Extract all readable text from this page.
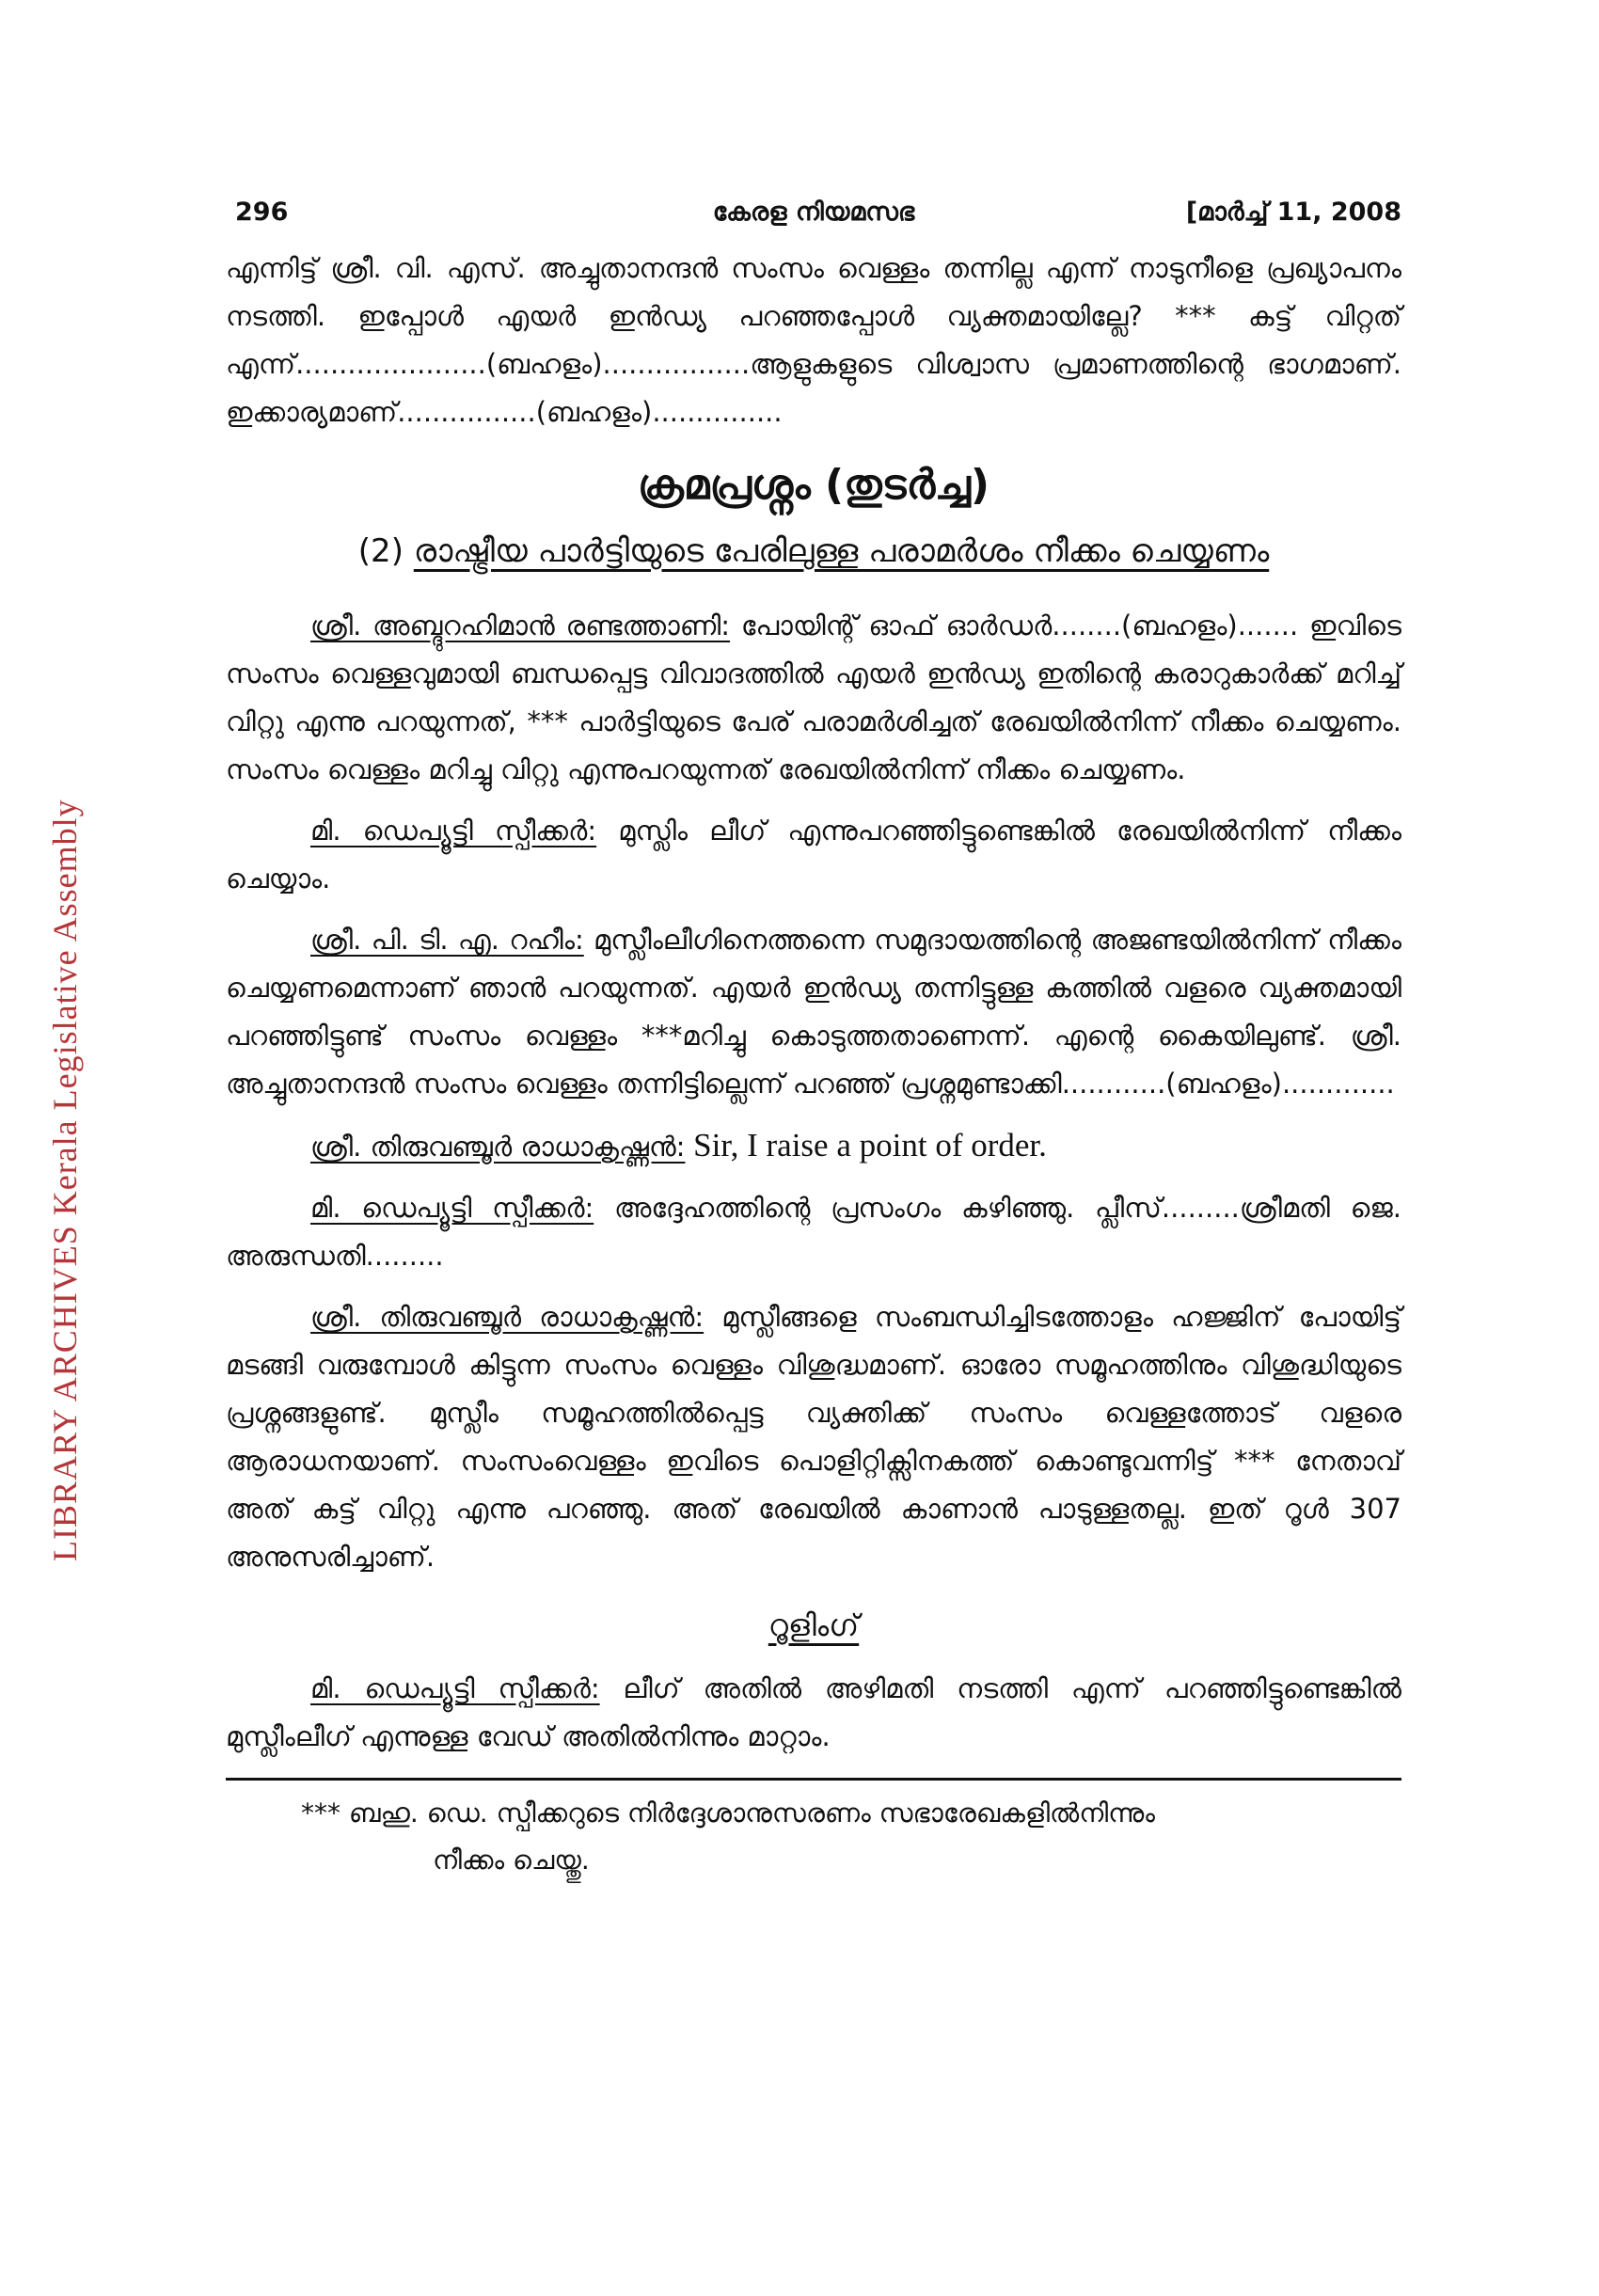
LIBRARY ARCHIVES Kerala Legislative Assembly
296	കേരള നിയമസഭ	[മാർച്ച് 11, 2008

എന്നിട്ട് ശ്രീ. വി. എസ്. അച്ചുതാനന്ദൻ സംസം വെള്ളം തന്നില്ല എന്ന് നാടുനീളെ പ്രഖ്യാപനം നടത്തി. ഇപ്പോൾ എയർ ഇൻഡ്യ പറഞ്ഞപ്പോൾ വ്യക്തമായില്ലേ? *** കട്ട് വിറ്റത് എന്ന്......................(ബഹളം).................ആളുകളുടെ വിശ്വാസ പ്രമാണത്തിന്റെ ഭാഗമാണ്. ഇക്കാര്യമാണ്................(ബഹളം)...............

ക്രമപ്രശ്നം (തുടർച്ച)
(2) രാഷ്ട്രീയ പാർട്ടിയുടെ പേരിലുള്ള പരാമർശം നീക്കം ചെയ്യണം

ശ്രീ. അബ്ദുറഹിമാൻ രണ്ടത്താണി: പോയിന്റ് ഓഫ് ഓർഡർ........(ബഹളം)....... ഇവിടെ സംസം വെള്ളവുമായി ബന്ധപ്പെട്ട വിവാദത്തിൽ എയർ ഇൻഡ്യ ഇതിന്റെ കരാറുകാർക്ക് മറിച്ച് വിറ്റു എന്നു പറയുന്നത്, *** പാർട്ടിയുടെ പേര് പരാമർശിച്ചത് രേഖയിൽനിന്ന് നീക്കം ചെയ്യണം. സംസം വെള്ളം മറിച്ചു വിറ്റു എന്നുപറയുന്നത് രേഖയിൽനിന്ന് നീക്കം ചെയ്യണം.

മി. ഡെപ്യൂട്ടി സ്പീക്കർ: മുസ്ലിം ലീഗ് എന്നുപറഞ്ഞിട്ടുണ്ടെങ്കിൽ രേഖയിൽനിന്ന് നീക്കം ചെയ്യാം.

ശ്രീ. പി. ടി. എ. റഹീം: മുസ്ലീംലീഗിനെത്തന്നെ സമുദായത്തിന്റെ അജണ്ടയിൽനിന്ന് നീക്കം ചെയ്യണമെന്നാണ് ഞാൻ പറയുന്നത്. എയർ ഇൻഡ്യ തന്നിട്ടുള്ള കത്തിൽ വളരെ വ്യക്തമായി പറഞ്ഞിട്ടുണ്ട് സംസം വെള്ളം ***മറിച്ചു കൊടുത്തതാണെന്ന്. എന്റെ കൈയിലുണ്ട്. ശ്രീ. അച്ചുതാനന്ദൻ സംസം വെള്ളം തന്നിട്ടില്ലെന്ന് പറഞ്ഞ് പ്രശ്നമുണ്ടാക്കി............(ബഹളം).............

ശ്രീ. തിരുവഞ്ചൂർ രാധാകൃഷ്ണൻ: Sir, I raise a point of order.

മി. ഡെപ്യൂട്ടി സ്പീക്കർ: അദ്ദേഹത്തിന്റെ പ്രസംഗം കഴിഞ്ഞു. പ്ലീസ്.........ശ്രീമതി ജെ. അരുന്ധതി.........

ശ്രീ. തിരുവഞ്ചൂർ രാധാകൃഷ്ണൻ: മുസ്ലീങ്ങളെ സംബന്ധിച്ചിടത്തോളം ഹജ്ജിന് പോയിട്ട് മടങ്ങി വരുമ്പോൾ കിട്ടുന്ന സംസം വെള്ളം വിശുദ്ധമാണ്. ഓരോ സമൂഹത്തിനും വിശുദ്ധിയുടെ പ്രശ്നങ്ങളുണ്ട്. മുസ്ലീം സമൂഹത്തിൽപ്പെട്ട വ്യക്തിക്ക് സംസം വെള്ളത്തോട് വളരെ ആരാധനയാണ്. സംസംവെള്ളം ഇവിടെ പൊളിറ്റിക്സിനകത്ത് കൊണ്ടുവന്നിട്ട് *** നേതാവ് അത് കട്ട് വിറ്റു എന്നു പറഞ്ഞു. അത് രേഖയിൽ കാണാൻ പാടുള്ളതല്ല. ഇത് റൂൾ 307 അനുസരിച്ചാണ്.

റൂളിംഗ്

മി. ഡെപ്യൂട്ടി സ്പീക്കർ: ലീഗ് അതിൽ അഴിമതി നടത്തി എന്ന് പറഞ്ഞിട്ടുണ്ടെങ്കിൽ മുസ്ലീംലീഗ് എന്നുള്ള വേഡ് അതിൽനിന്നും മാറ്റാം.

*** ബഹു. ഡെ. സ്പീക്കറുടെ നിർദ്ദേശാനുസരണം സഭാരേഖകളിൽനിന്നും
നീക്കം ചെയ്തു.
